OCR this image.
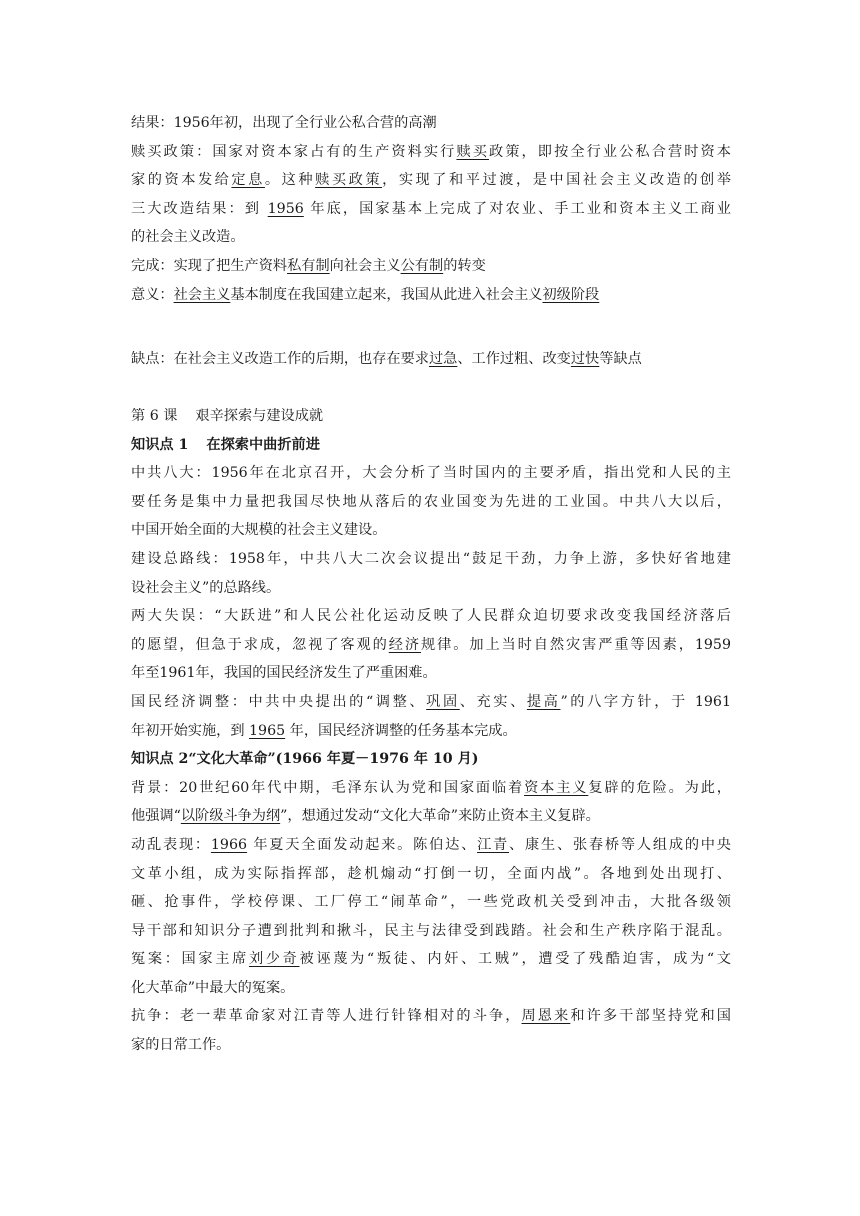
结果：1956年初，出现了全行业公私合营的高潮
赎买政策：国家对资本家占有的生产资料实行赎买政策，即按全行业公私合营时资本
家的资本发给定息。这种赎买政策，实现了和平过渡，是中国社会主义改造的创举
三大改造结果：到 1956 年底，国家基本上完成了对农业、手工业和资本主义工商业
的社会主义改造。
完成：实现了把生产资料私有制向社会主义公有制的转变
意义：社会主义基本制度在我国建立起来，我国从此进入社会主义初级阶段
缺点：在社会主义改造工作的后期，也存在要求过急、工作过粗、改变过快等缺点
第 6 课 艰辛探索与建设成就
知识点 1 在探索中曲折前进
中共八大：1956年在北京召开，大会分析了当时国内的主要矛盾，指出党和人民的主
要任务是集中力量把我国尽快地从落后的农业国变为先进的工业国。中共八大以后，
中国开始全面的大规模的社会主义建设。
建设总路线：1958年，中共八大二次会议提出“鼓足干劲，力争上游，多快好省地建
设社会主义”的总路线。
两大失误：“大跃进”和人民公社化运动反映了人民群众迫切要求改变我国经济落后
的愿望，但急于求成，忽视了客观的经济规律。加上当时自然灾害严重等因素，1959
年至1961年，我国的国民经济发生了严重困难。
国民经济调整：中共中央提出的“调整、巩固、充实、提高”的八字方针，于 1961
年初开始实施，到 1965 年，国民经济调整的任务基本完成。
知识点 2“文化大革命”(1966 年夏－1976 年 10 月)
背景：20世纪60年代中期，毛泽东认为党和国家面临着资本主义复辟的危险。为此，
他强调“以阶级斗争为纲”，想通过发动“文化大革命”来防止资本主义复辟。
动乱表现：1966 年夏天全面发动起来。陈伯达、江青、康生、张春桥等人组成的中央
文革小组，成为实际指挥部，趁机煽动“打倒一切，全面内战”。各地到处出现打、
砸、抢事件，学校停课、工厂停工“闹革命”，一些党政机关受到冲击，大批各级领
导干部和知识分子遭到批判和揪斗，民主与法律受到践踏。社会和生产秩序陷于混乱。
冤案：国家主席刘少奇被诬蔑为“叛徒、内奸、工贼”，遭受了残酷迫害，成为“文
化大革命”中最大的冤案。
抗争：老一辈革命家对江青等人进行针锋相对的斗争，周恩来和许多干部坚持党和国
家的日常工作。
